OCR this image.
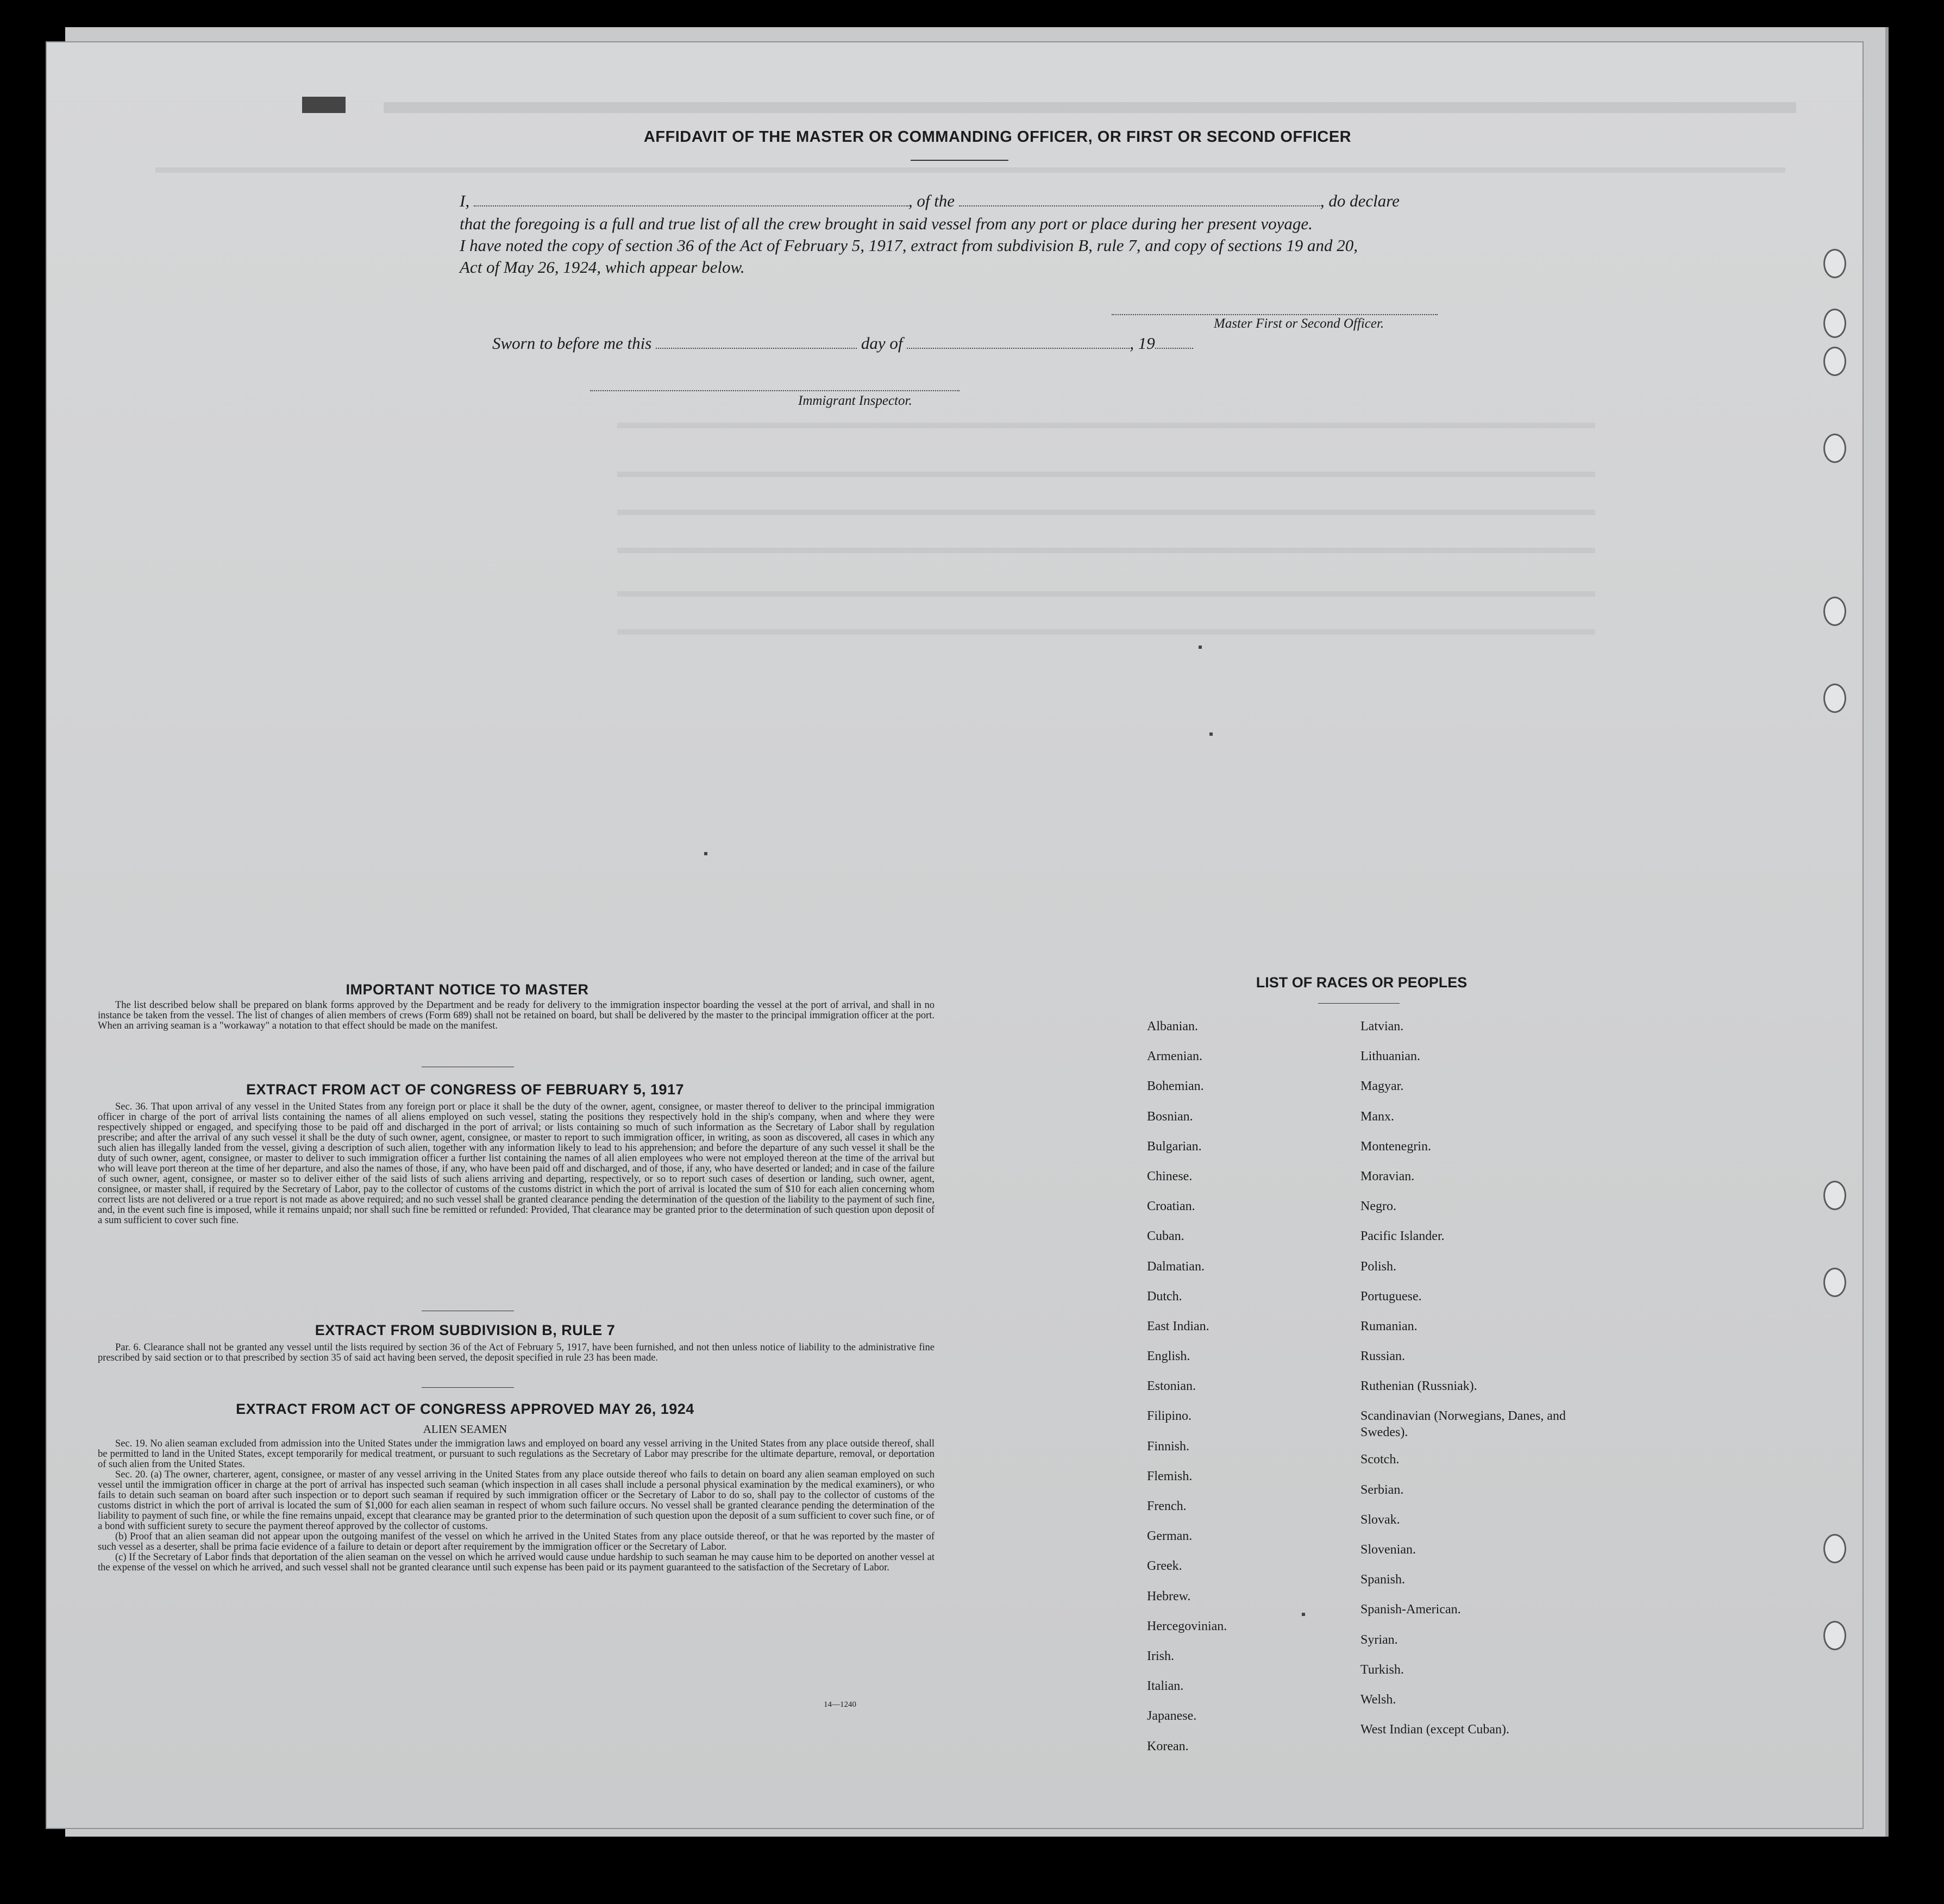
AFFIDAVIT OF THE MASTER OR COMMANDING OFFICER, OR FIRST OR SECOND OFFICER
I,	, of the	, do declare
that the foregoing is a full and true list of all the crew brought in said vessel from any port or place during her present voyage.
I have noted the copy of section 36 of the Act of February 5, 1917, extract from subdivision B, rule 7, and copy of sections 19 and 20,
Act of May 26, 1924, which appear below.
Master First or Second Officer.
Sworn to before me this	day of	, 19
Immigrant Inspector.
IMPORTANT NOTICE TO MASTER

The list described below shall be prepared on blank forms approved by the Department and be ready for delivery to the immigration inspector boarding the vessel at the port of arrival, and shall in no instance be taken from the vessel. The list of changes of alien members of crews (Form 689) shall not be retained on board, but shall be delivered by the master to the principal immigration officer at the port. When an arriving seaman is a "workaway" a notation to that effect should be made on the manifest.

EXTRACT FROM ACT OF CONGRESS OF FEBRUARY 5, 1917

Sec. 36. That upon arrival of any vessel in the United States from any foreign port or place it shall be the duty of the owner, agent, consignee, or master thereof to deliver to the principal immigration officer in charge of the port of arrival lists containing the names of all aliens employed on such vessel, stating the positions they respectively hold in the ship's company, when and where they were respectively shipped or engaged, and specifying those to be paid off and discharged in the port of arrival; or lists containing so much of such information as the Secretary of Labor shall by regulation prescribe; and after the arrival of any such vessel it shall be the duty of such owner, agent, consignee, or master to report to such immigration officer, in writing, as soon as discovered, all cases in which any such alien has illegally landed from the vessel, giving a description of such alien, together with any information likely to lead to his apprehension; and before the departure of any such vessel it shall be the duty of such owner, agent, consignee, or master to deliver to such immigration officer a further list containing the names of all alien employees who were not employed thereon at the time of the arrival but who will leave port thereon at the time of her departure, and also the names of those, if any, who have been paid off and discharged, and of those, if any, who have deserted or landed; and in case of the failure of such owner, agent, consignee, or master so to deliver either of the said lists of such aliens arriving and departing, respectively, or so to report such cases of desertion or landing, such owner, agent, consignee, or master shall, if required by the Secretary of Labor, pay to the collector of customs of the customs district in which the port of arrival is located the sum of $10 for each alien concerning whom correct lists are not delivered or a true report is not made as above required; and no such vessel shall be granted clearance pending the determination of the question of the liability to the payment of such fine, and, in the event such fine is imposed, while it remains unpaid; nor shall such fine be remitted or refunded: Provided, That clearance may be granted prior to the determination of such question upon deposit of a sum sufficient to cover such fine.

EXTRACT FROM SUBDIVISION B, RULE 7

Par. 6. Clearance shall not be granted any vessel until the lists required by section 36 of the Act of February 5, 1917, have been furnished, and not then unless notice of liability to the administrative fine prescribed by said section or to that prescribed by section 35 of said act having been served, the deposit specified in rule 23 has been made.

EXTRACT FROM ACT OF CONGRESS APPROVED MAY 26, 1924
ALIEN SEAMEN

Sec. 19. No alien seaman excluded from admission into the United States under the immigration laws and employed on board any vessel arriving in the United States from any place outside thereof, shall be permitted to land in the United States, except temporarily for medical treatment, or pursuant to such regulations as the Secretary of Labor may prescribe for the ultimate departure, removal, or deportation of such alien from the United States.

Sec. 20. (a) The owner, charterer, agent, consignee, or master of any vessel arriving in the United States from any place outside thereof who fails to detain on board any alien seaman employed on such vessel until the immigration officer in charge at the port of arrival has inspected such seaman (which inspection in all cases shall include a personal physical examination by the medical examiners), or who fails to detain such seaman on board after such inspection or to deport such seaman if required by such immigration officer or the Secretary of Labor to do so, shall pay to the collector of customs of the customs district in which the port of arrival is located the sum of $1,000 for each alien seaman in respect of whom such failure occurs. No vessel shall be granted clearance pending the determination of the liability to payment of such fine, or while the fine remains unpaid, except that clearance may be granted prior to the determination of such question upon the deposit of a sum sufficient to cover such fine, or of a bond with sufficient surety to secure the payment thereof approved by the collector of customs.

(b) Proof that an alien seaman did not appear upon the outgoing manifest of the vessel on which he arrived in the United States from any place outside thereof, or that he was reported by the master of such vessel as a deserter, shall be prima facie evidence of a failure to detain or deport after requirement by the immigration officer or the Secretary of Labor.

(c) If the Secretary of Labor finds that deportation of the alien seaman on the vessel on which he arrived would cause undue hardship to such seaman he may cause him to be deported on another vessel at the expense of the vessel on which he arrived, and such vessel shall not be granted clearance until such expense has been paid or its payment guaranteed to the satisfaction of the Secretary of Labor.

14—1240
LIST OF RACES OR PEOPLES
Albanian.
Armenian.
Bohemian.
Bosnian.
Bulgarian.
Chinese.
Croatian.
Cuban.
Dalmatian.
Dutch.
East Indian.
English.
Estonian.
Filipino.
Finnish.
Flemish.
French.
German.
Greek.
Hebrew.
Hercegovinian.
Irish.
Italian.
Japanese.
Korean.
Latvian.
Lithuanian.
Magyar.
Manx.
Montenegrin.
Moravian.
Negro.
Pacific Islander.
Polish.
Portuguese.
Rumanian.
Russian.
Ruthenian (Russniak).
Scandinavian (Norwegians, Danes, and Swedes).
Scotch.
Serbian.
Slovak.
Slovenian.
Spanish.
Spanish-American.
Syrian.
Turkish.
Welsh.
West Indian (except Cuban).
